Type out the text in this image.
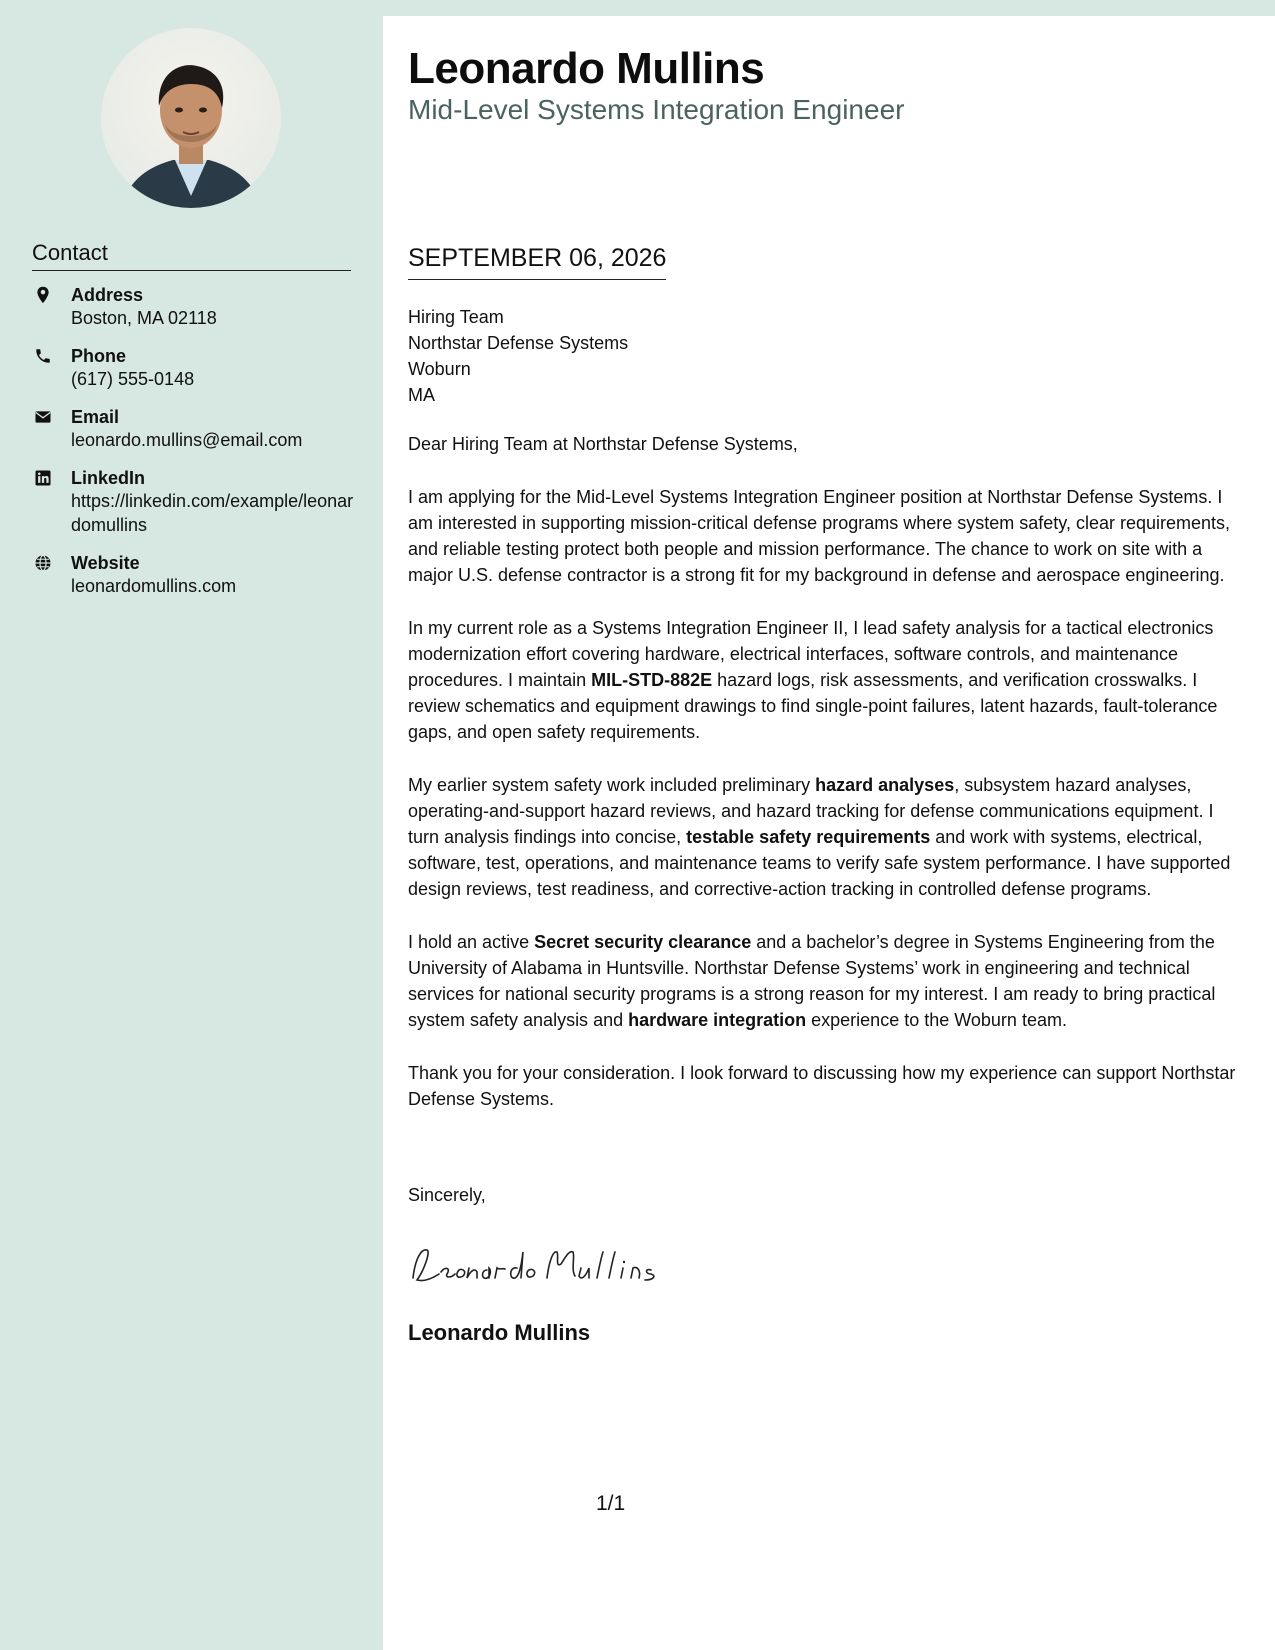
Contact
Address
Boston, MA 02118
Phone
(617) 555-0148
Email
leonardo.mullins@email.com
LinkedIn
https://linkedin.com/example/leonardomullins
Website
leonardomullins.com
Leonardo Mullins
Mid-Level Systems Integration Engineer
SEPTEMBER 06, 2026
Hiring Team
Northstar Defense Systems
Woburn
MA

Dear Hiring Team at Northstar Defense Systems,

I am applying for the Mid-Level Systems Integration Engineer position at Northstar Defense Systems. I am interested in supporting mission-critical defense programs where system safety, clear requirements, and reliable testing protect both people and mission performance. The chance to work on site with a major U.S. defense contractor is a strong fit for my background in defense and aerospace engineering.

In my current role as a Systems Integration Engineer II, I lead safety analysis for a tactical electronics modernization effort covering hardware, electrical interfaces, software controls, and maintenance procedures. I maintain MIL-STD-882E hazard logs, risk assessments, and verification crosswalks. I review schematics and equipment drawings to find single-point failures, latent hazards, fault-tolerance gaps, and open safety requirements.

My earlier system safety work included preliminary hazard analyses, subsystem hazard analyses, operating-and-support hazard reviews, and hazard tracking for defense communications equipment. I turn analysis findings into concise, testable safety requirements and work with systems, electrical, software, test, operations, and maintenance teams to verify safe system performance. I have supported design reviews, test readiness, and corrective-action tracking in controlled defense programs.

I hold an active Secret security clearance and a bachelor’s degree in Systems Engineering from the University of Alabama in Huntsville. Northstar Defense Systems’ work in engineering and technical services for national security programs is a strong reason for my interest. I am ready to bring practical system safety analysis and hardware integration experience to the Woburn team.

Thank you for your consideration. I look forward to discussing how my experience can support Northstar Defense Systems.

Sincerely,
Leonardo Mullins
1/1
